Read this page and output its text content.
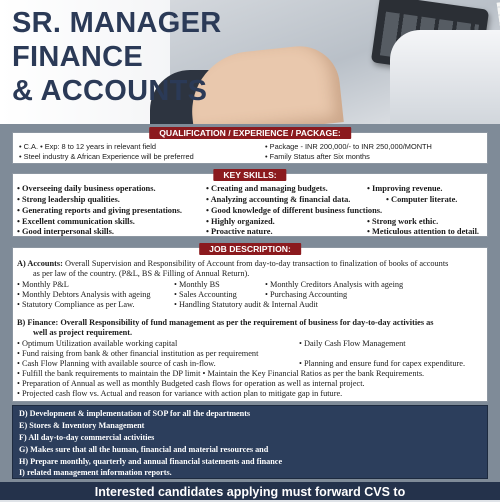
SR. MANAGER
FINANCE
& ACCOUNTS
QUALIFICATION / EXPERIENCE / PACKAGE:
• C.A. • Exp: 8 to 12 years in relevant field	• Package - INR 200,000/- to INR 250,000/MONTH
• Steel industry & African Experience will be preferred	• Family Status after Six months
KEY SKILLS:
• Overseeing daily business operations.	• Creating and managing budgets.	• Improving revenue.
• Strong leadership qualities.	• Analyzing accounting & financial data.	• Computer literate.
• Generating reports and giving presentations.	• Good knowledge of different business functions.
• Excellent communication skills.	• Highly organized.	• Strong work ethic.
• Good interpersonal skills.	• Proactive nature.	• Meticulous attention to detail.
JOB DESCRIPTION:
A) Accounts: Overall Supervision and Responsibility of Account from day-to-day transaction to finalization of books of accounts
as per law of the country. (P&L, BS & Filling of Annual Return).
• Monthly P&L	• Monthly BS	• Monthly Creditors Analysis with ageing
• Monthly Debtors Analysis with ageing	• Sales Accounting	• Purchasing Accounting
• Statutory Compliance as per Law.	• Handling Statutory audit & Internal Audit
B) Finance: Overall Responsibility of fund management as per the requirement of business for day-to-day activities as
well as project requirement.
• Optimum Utilization available working capital	• Daily Cash Flow Management
• Fund raising from bank & other financial institution as per requirement
• Cash Flow Planning with available source of cash in-flow.	• Planning and ensure fund for capex expenditure.
• Fulfill the bank requirements to maintain the DP limit • Maintain the Key Financial Ratios as per the bank Requirements.
• Preparation of Annual as well as monthly Budgeted cash flows for operation as well as internal project.
• Projected cash flow vs. Actual and reason for variance with action plan to mitigate gap in future.
D) Development & implementation of SOP for all the departments
E) Stores & Inventory Management
F) All day-to-day commercial activities
G) Makes sure that all the human, financial and material resources and
H) Prepare monthly, quarterly and annual financial statements and finance
I) related management information reports.
Interested candidates applying must forward CVS to
